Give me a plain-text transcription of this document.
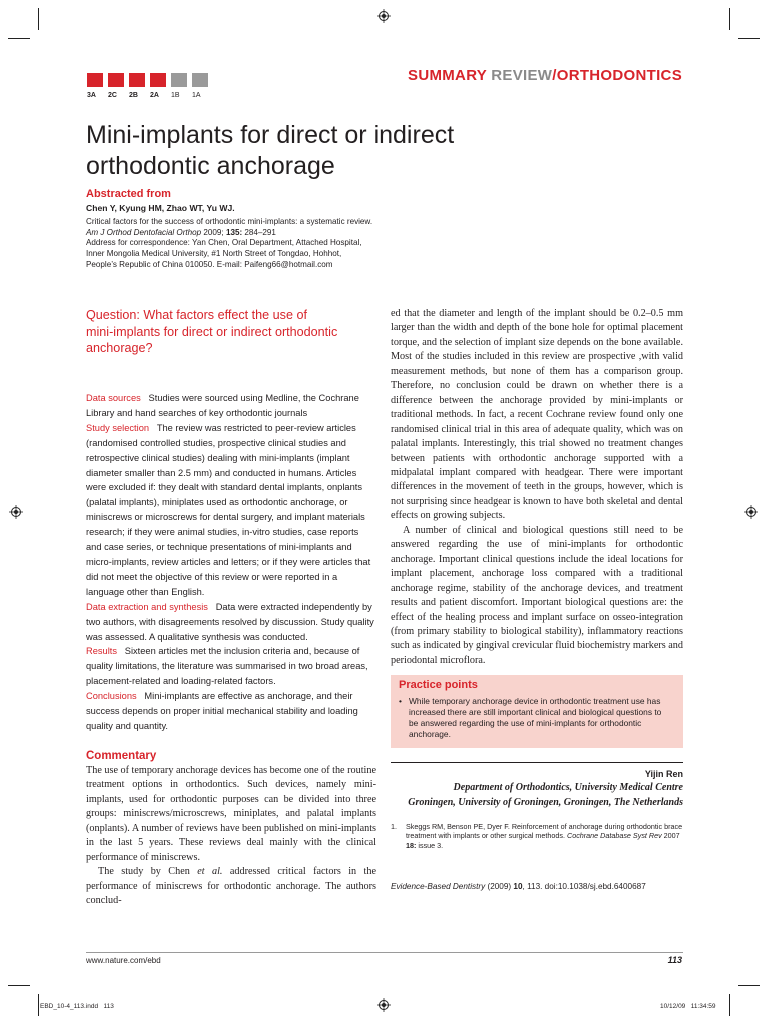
3A	2C	2B	2A	1B	1A
SUMMARY REVIEW/ORTHODONTICS
Mini-implants for direct or indirect
orthodontic anchorage
Abstracted from
Chen Y, Kyung HM, Zhao WT, Yu WJ.
Critical factors for the success of orthodontic mini-implants: a systematic review.
Am J Orthod Dentofacial Orthop 2009; 135: 284–291
Address for correspondence: Yan Chen, Oral Department, Attached Hospital,
Inner Mongolia Medical University, #1 North Street of Tongdao, Hohhot,
People’s Republic of China 010050. E-mail: Paifeng66@hotmail.com
Question: What factors effect the use of
mini-implants for direct or indirect orthodontic
anchorage?

Data sources Studies were sourced using Medline, the Cochrane Library and hand searches of key orthodontic journals

Study selection The review was restricted to peer-review articles (randomised controlled studies, prospective clinical studies and retrospective clinical studies) dealing with mini-implants (implant diameter smaller than 2.5 mm) and conducted in humans. Articles were excluded if: they dealt with standard dental implants, onplants (palatal implants), miniplates used as orthodontic anchorage, or miniscrews or microscrews for dental surgery, and implant materials research; if they were animal studies, in-vitro studies, case reports and case series, or technique presentations of mini-implants and micro-implants, review articles and letters; or if they were articles that did not meet the objective of this review or were reported in a language other than English.

Data extraction and synthesis Data were extracted independently by two authors, with disagreements resolved by discussion. Study quality was assessed. A qualitative synthesis was conducted.

Results Sixteen articles met the inclusion criteria and, because of quality limitations, the literature was summarised in two broad areas, placement-related and loading-related factors.

Conclusions Mini-implants are effective as anchorage, and their success depends on proper initial mechanical stability and loading quality and quantity.

Commentary

The use of temporary anchorage devices has become one of the routine treatment options in orthodontics. Such devices, namely mini-implants, used for orthodontic purposes can be divided into three groups: miniscrews/microscrews, miniplates, and palatal implants (onplants). A number of reviews have been published on mini-implants in the last 5 years. These reviews deal mainly with the clinical performance of miniscrews.

The study by Chen et al. addressed critical factors in the performance of miniscrews for orthodontic anchorage. The authors conclud-

ed that the diameter and length of the implant should be 0.2–0.5 mm larger than the width and depth of the bone hole for optimal placement torque, and the selection of implant size depends on the bone available. Most of the studies included in this review are prospective ,with valid measurement methods, but none of them has a comparison group. Therefore, no conclusion could be drawn on whether there is a difference between the anchorage provided by mini-implants or traditional methods. In fact, a recent Cochrane review found only one randomised clinical trial in this area of adequate quality, which was on palatal implants. Interestingly, this trial showed no treatment changes between patients with orthodontic anchorage supported with a midpalatal implant compared with headgear. There were important differences in the movement of teeth in the groups, however, which is not surprising since headgear is known to have both skeletal and dental effects on growing subjects.

A number of clinical and biological questions still need to be answered regarding the use of mini-implants for orthodontic anchorage. Important clinical questions include the ideal locations for implant placement, anchorage loss compared with a traditional anchorage regime, stability of the anchorage devices, and treatment results and patient discomfort. Important biological questions are: the effect of the healing process and implant surface on osseo-integration (from primary stability to biological stability), inflammatory reactions such as indicated by gingival crevicular fluid biochemistry markers and periodontal microflora.

Practice points
• While temporary anchorage device in orthodontic treatment use has increased there are still important clinical and biological questions to be answered regarding the use of mini-implants for orthodontic anchorage.
Yijin Ren
Department of Orthodontics, University Medical Centre
Groningen, University of Groningen, Groningen, The Netherlands
1. Skeggs RM, Benson PE, Dyer F. Reinforcement of anchorage during orthodontic brace
treatment with implants or other surgical methods. Cochrane Database Syst Rev 2007
18: issue 3.
Evidence-Based Dentistry (2009) 10, 113. doi:10.1038/sj.ebd.6400687
www.nature.com/ebd	113
EBD_10-4_113.indd   113	10/12/09   11:34:59
